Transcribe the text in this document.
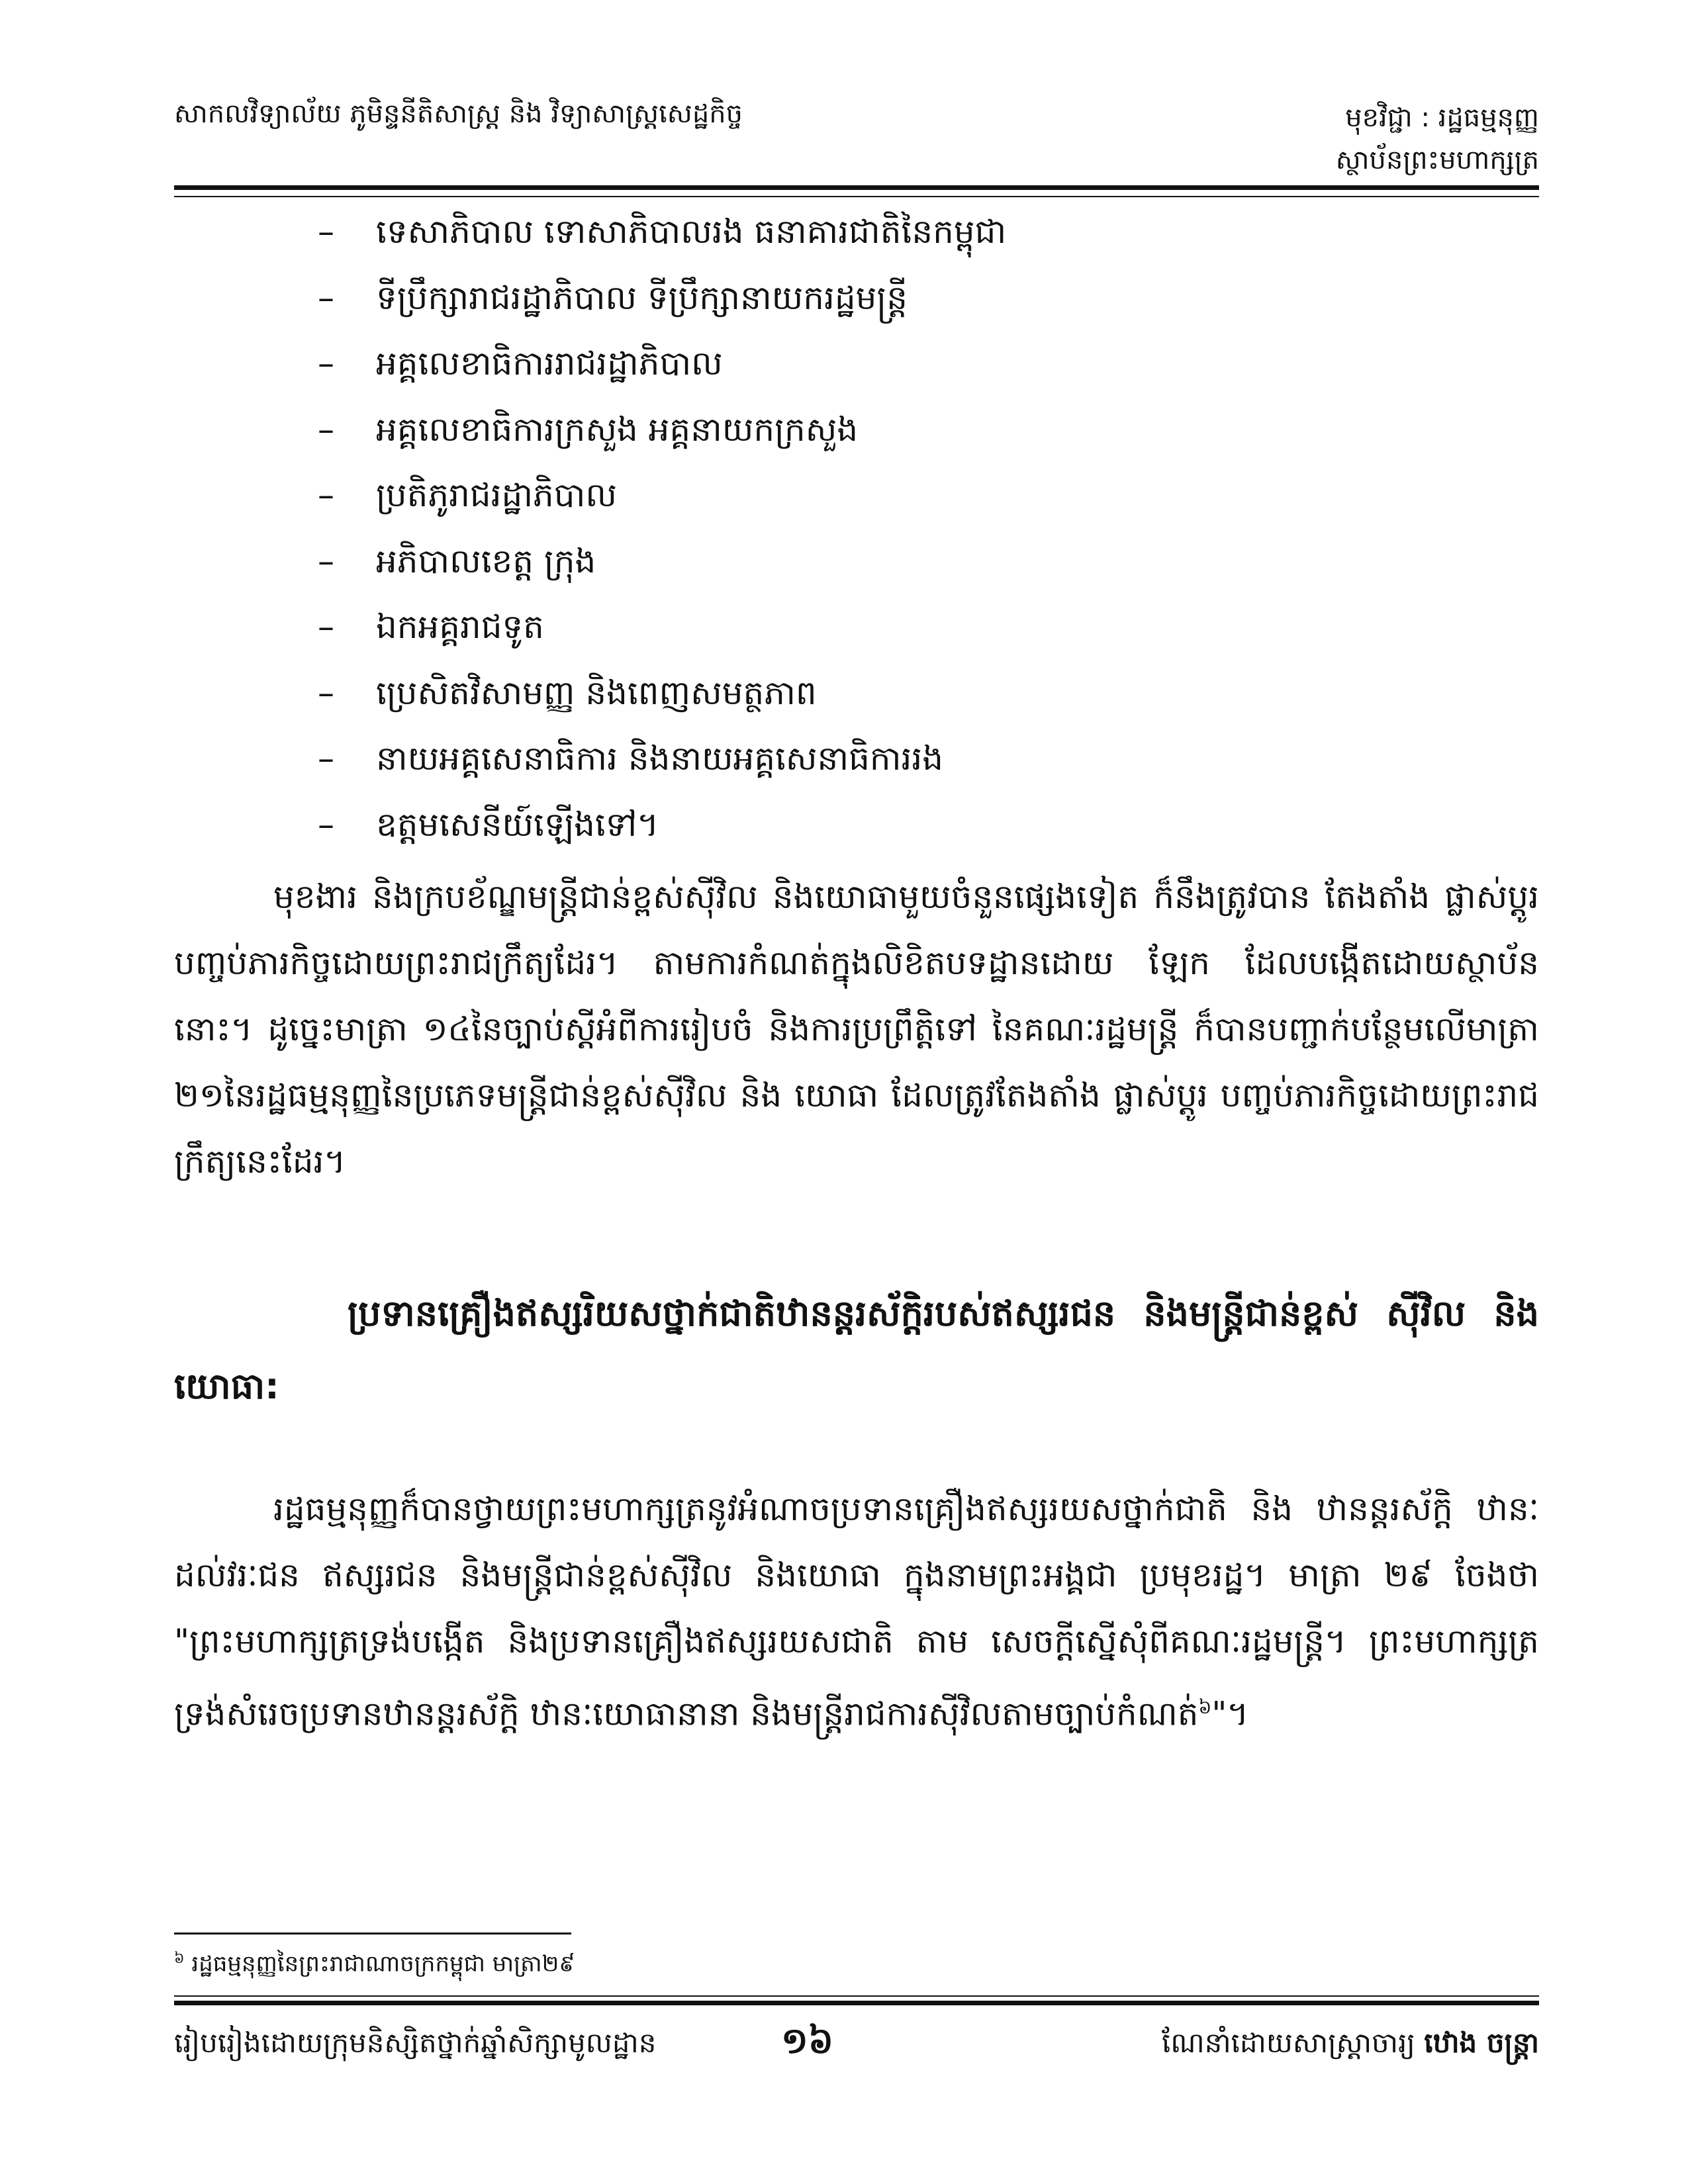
សាកលវិទ្យាល័យ ភូមិន្ទនីតិសាស្ត្រ និង វិទ្យាសាស្ត្រសេដ្ឋកិច្ច	មុខវិជ្ជា : រដ្ឋធម្មនុញ្ញ
ស្ថាប័នព្រះមហាក្សត្រ
–	ទេសាភិបាល ទោសាភិបាលរង ធនាគារជាតិនៃកម្ពុជា
–	ទីប្រឹក្សារាជរដ្ឋាភិបាល ទីប្រឹក្សានាយករដ្ឋមន្ត្រី
–	អគ្គលេខាធិការរាជរដ្ឋាភិបាល
–	អគ្គលេខាធិការក្រសួង អគ្គនាយកក្រសួង
–	ប្រតិភូរាជរដ្ឋាភិបាល
–	អភិបាលខេត្ត ក្រុង
–	ឯកអគ្គរាជទូត
–	ប្រេសិតវិសាមញ្ញ និងពេញសមត្ថភាព
–	នាយអគ្គសេនាធិការ និងនាយអគ្គសេនាធិការរង
–	ឧត្តមសេនីយ៍ឡើងទៅ។

មុខងារ និងក្របខ័ណ្ឌមន្ត្រីជាន់ខ្ពស់ស៊ីវិល និងយោធាមួយចំនួនផ្សេងទៀត ក៏នឹងត្រូវបាន តែងតាំង ផ្លាស់ប្តូរ បញ្ចប់ភារកិច្ចដោយព្រះរាជក្រឹត្យដែរ។ តាមការកំណត់ក្នុងលិខិតបទដ្ឋានដោយ ឡែក ដែលបង្កើតដោយស្ថាប័ននោះ។ ដូច្នេះមាត្រា ១៤នៃច្បាប់ស្តីអំពីការរៀបចំ និងការប្រព្រឹត្តិទៅ នៃគណៈរដ្ឋមន្ត្រី ក៏បានបញ្ជាក់បន្ថែមលើមាត្រា ២១នៃរដ្ឋធម្មនុញ្ញនៃប្រភេទមន្ត្រីជាន់ខ្ពស់ស៊ីវិល និង យោធា ដែលត្រូវតែងតាំង ផ្លាស់ប្តូរ បញ្ចប់ភារកិច្ចដោយព្រះរាជក្រឹត្យនេះដែរ។

ប្រទានគ្រឿងឥស្សរិយសថ្នាក់ជាតិឋានន្តរស័ក្តិរបស់ឥស្សរជន និងមន្ត្រីជាន់ខ្ពស់ ស៊ីវិល និងយោធា:

រដ្ឋធម្មនុញ្ញក៏បានថ្វាយព្រះមហាក្សត្រនូវអំណាចប្រទានគ្រឿងឥស្សរយសថ្នាក់ជាតិ និង ឋានន្តរស័ក្តិ ឋានៈដល់វរៈជន ឥស្សរជន និងមន្ត្រីជាន់ខ្ពស់ស៊ីវិល និងយោធា ក្នុងនាមព្រះអង្គជា ប្រមុខរដ្ឋ។ មាត្រា ២៩ ចែងថា "ព្រះមហាក្សត្រទ្រង់បង្កើត និងប្រទានគ្រឿងឥស្សរយសជាតិ តាម សេចក្តីស្នើសុំពីគណៈរដ្ឋមន្ត្រី។ ព្រះមហាក្សត្រទ្រង់សំរេចប្រទានឋានន្តរស័ក្តិ ឋានៈយោធានានា និងមន្ត្រីរាជការស៊ីវិលតាមច្បាប់កំណត់$^៦$"។

$^៦$ រដ្ឋធម្មនុញ្ញនៃព្រះរាជាណាចក្រកម្ពុជា មាត្រា២៩
រៀបរៀងដោយក្រុមនិស្សិតថ្នាក់ឆ្នាំសិក្សាមូលដ្ឋាន	១៦	ណែនាំដោយសាស្ត្រាចារ្យ ឋោង ចន្ត្រា
